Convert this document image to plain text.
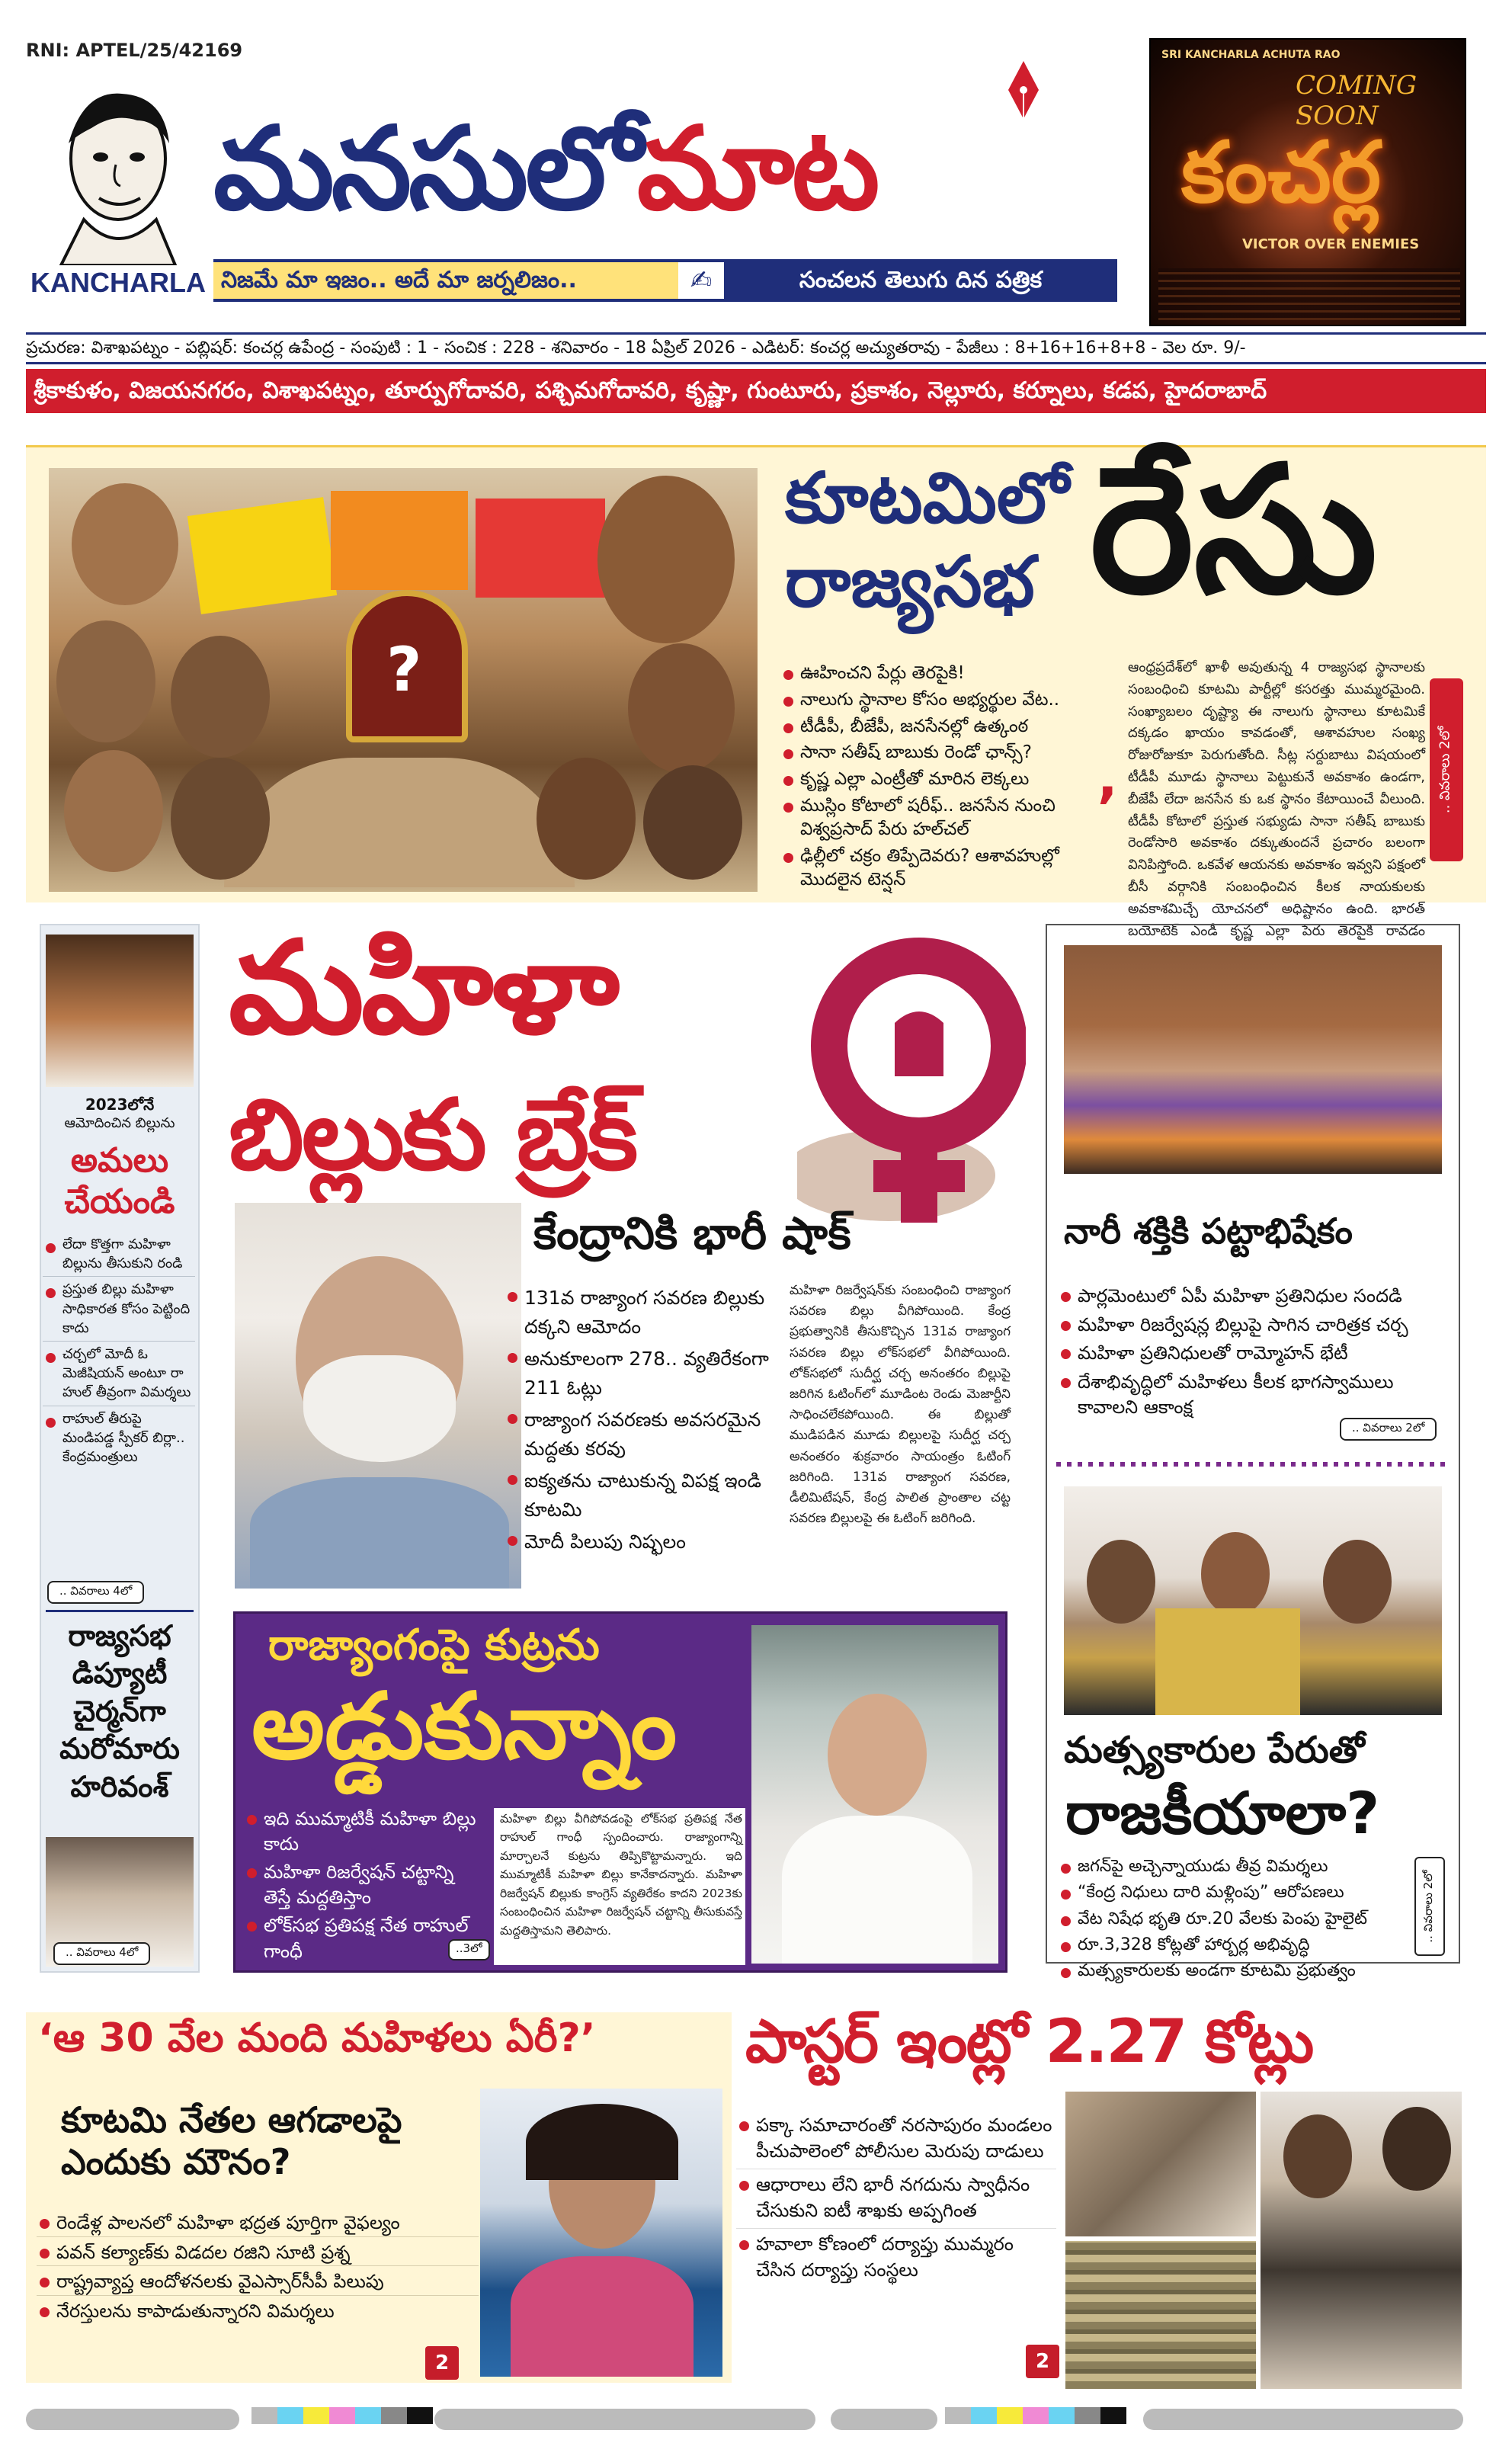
RNI: APTEL/25/42169
KANCHARLA
మనసులోమాట
నిజమే మా ఇజం.. అదే మా జర్నలిజం..	✍	సంచలన తెలుగు దిన పత్రిక
SRI KANCHARLA ACHUTA RAO
COMING SOON
కంచర్ల
VICTOR OVER ENEMIES
ప్రచురణ: విశాఖపట్నం - పబ్లిషర్: కంచర్ల ఉపేంద్ర - సంపుటి : 1 - సంచిక : 228 - శనివారం - 18 ఏప్రిల్ 2026 - ఎడిటర్: కంచర్ల అచ్యుతరావు - పేజీలు : 8+16+16+8+8 - వెల రూ. 9/-
శ్రీకాకుళం, విజయనగరం, విశాఖపట్నం, తూర్పుగోదావరి, పశ్చిమగోదావరి, కృష్ణా, గుంటూరు, ప్రకాశం, నెల్లూరు, కర్నూలు, కడప, హైదరాబాద్
?
కూటమిలో
రాజ్యసభ రేసు
ఊహించని పేర్లు తెరపైకి!
నాలుగు స్థానాల కోసం అభ్యర్థుల వేట..
టీడీపీ, బీజేపీ, జనసేనల్లో ఉత్కంఠ
సానా సతీష్ బాబుకు రెండో ఛాన్స్?
కృష్ణ ఎల్లా ఎంట్రీతో మారిన లెక్కలు
ముస్లిం కోటాలో షరీఫ్.. జనసేన నుంచి విశ్వప్రసాద్ పేరు హల్‌చల్
ఢిల్లీలో చక్రం తిప్పేదెవరు? ఆశావహుల్లో మొదలైన టెన్షన్
,
ఆంధ్రప్రదేశ్‌లో ఖాళీ అవుతున్న 4 రాజ్యసభ స్థానాలకు సంబంధించి కూటమి పార్టీల్లో కసరత్తు ముమ్మరమైంది. సంఖ్యాబలం దృష్ట్యా ఈ నాలుగు స్థానాలు కూటమికే దక్కడం ఖాయం కావడంతో, ఆశావహుల సంఖ్య రోజురోజుకూ పెరుగుతోంది. సీట్ల సర్దుబాటు విషయంలో టీడీపీ మూడు స్థానాలు పెట్టుకునే అవకాశం ఉండగా, బీజేపీ లేదా జనసేన కు ఒక స్థానం కేటాయించే వీలుంది. టీడీపీ కోటాలో ప్రస్తుత సభ్యుడు సానా సతీష్ బాబుకు రెండోసారి అవకాశం దక్కుతుందనే ప్రచారం బలంగా వినిపిస్తోంది. ఒకవేళ ఆయనకు అవకాశం ఇవ్వని పక్షంలో బీసీ వర్గానికి సంబంధించిన కీలక నాయకులకు అవకాశమిచ్చే యోచనలో అధిష్టానం ఉంది. భారత్ బయోటెక్ ఎండీ కృష్ణ ఎల్లా పేరు తెరపైకి రావడం
.. వివరాలు 2లో
2023లోనే
ఆమోదించిన బిల్లును
అమలు చేయండి
లేదా కొత్తగా మహిళా బిల్లును తీసుకుని రండి
ప్రస్తుత బిల్లు మహిళా సాధికారత కోసం పెట్టింది కాదు
చర్చలో మోదీ ఓ మెజీషియన్ అంటూ రా హుల్ తీవ్రంగా విమర్శలు
రాహుల్ తీరుపై మండిపడ్డ స్పీకర్ బిర్లా.. కేంద్రమంత్రులు
.. వివరాలు 4లో
రాజ్యసభ డిప్యూటీ చైర్మన్‌గా మరోమారు హరివంశ్
.. వివరాలు 4లో
మహిళా
బిల్లుకు బ్రేక్
కేంద్రానికి భారీ షాక్
131వ రాజ్యాంగ సవరణ బిల్లుకు దక్కని ఆమోదం
అనుకూలంగా 278.. వ్యతిరేకంగా 211 ఓట్లు
రాజ్యాంగ సవరణకు అవసరమైన మద్దతు కరవు
ఐక్యతను చాటుకున్న విపక్ష ఇండి కూటమి
మోదీ పిలుపు నిష్ఫలం
మహిళా రిజర్వేషన్‌కు సంబంధించి రాజ్యాంగ సవరణ బిల్లు వీగిపోయింది. కేంద్ర ప్రభుత్వానికి తీసుకొచ్చిన 131వ రాజ్యాంగ సవరణ బిల్లు లోక్‌సభలో వీగిపోయింది. లోక్‌సభలో సుదీర్ఘ చర్చ అనంతరం బిల్లుపై జరిగిన ఓటింగ్‌లో మూడింట రెండు మెజార్టీని సాధించలేకపోయింది. ఈ బిల్లుతో ముడిపడిన మూడు బిల్లులపై సుదీర్ఘ చర్చ అనంతరం శుక్రవారం సాయంత్రం ఓటింగ్ జరిగింది. 131వ రాజ్యాంగ సవరణ, డీలిమిటేషన్, కేంద్ర పాలిత ప్రాంతాల చట్ట సవరణ బిల్లులపై ఈ ఓటింగ్ జరిగింది.
రాజ్యాంగంపై కుట్రను
అడ్డుకున్నాం
ఇది ముమ్మాటికీ మహిళా బిల్లు కాదు
మహిళా రిజర్వేషన్ చట్టాన్ని తెస్తే మద్దతిస్తాం
లోక్‌సభ ప్రతిపక్ష నేత రాహుల్ గాంధీ
మహిళా బిల్లు వీగిపోవడంపై లోక్‌సభ ప్రతిపక్ష నేత రాహుల్ గాంధీ స్పందించారు. రాజ్యాంగాన్ని మార్చాలనే కుట్రను తిప్పికొట్టామన్నారు. ఇది ముమ్మాటికీ మహిళా బిల్లు కానేకాదన్నారు. మహిళా రిజర్వేషన్ బిల్లుకు కాంగ్రెస్ వ్యతిరేకం కాదని 2023కు సంబంధించిన మహిళా రిజర్వేషన్ చట్టాన్ని తీసుకువస్తే మద్దతిస్తామని తెలిపారు.
..3లో
నారీ శక్తికి పట్టాభిషేకం
పార్లమెంటులో ఏపీ మహిళా ప్రతినిధుల సందడి
మహిళా రిజర్వేషన్ల బిల్లుపై సాగిన చారిత్రక చర్చ
మహిళా ప్రతినిధులతో రామ్మోహన్ భేటీ
దేశాభివృద్ధిలో మహిళలు కీలక భాగస్వాములు కావాలని ఆకాంక్ష
.. వివరాలు 2లో
మత్స్యకారుల పేరుతో
రాజకీయాలా?
జగన్‌పై అచ్చెన్నాయుడు తీవ్ర విమర్శలు
“కేంద్ర నిధులు దారి మళ్లింపు” ఆరోపణలు
వేట నిషేధ భృతి రూ.20 వేలకు పెంపు హైలైట్
రూ.3,328 కోట్లతో హార్బర్ల అభివృద్ధి
మత్స్యకారులకు అండగా కూటమి ప్రభుత్వం
.. వివరాలు 2లో
‘ఆ 30 వేల మంది మహిళలు ఏరీ?’
కూటమి నేతల ఆగడాలపై ఎందుకు మౌనం?
రెండేళ్ల పాలనలో మహిళా భద్రత పూర్తిగా వైఫల్యం
పవన్ కల్యాణ్‌కు విడదల రజిని సూటి ప్రశ్న
రాష్ట్రవ్యాప్త ఆందోళనలకు వైఎస్సార్‌సీపీ పిలుపు
నేరస్తులను కాపాడుతున్నారని విమర్శలు
2
పాస్టర్ ఇంట్లో 2.27 కోట్లు
పక్కా సమాచారంతో నరసాపురం మండలం పీచుపాలెంలో పోలీసుల మెరుపు దాడులు
ఆధారాలు లేని భారీ నగదును స్వాధీనం చేసుకుని ఐటీ శాఖకు అప్పగింత
హవాలా కోణంలో దర్యాప్తు ముమ్మరం చేసిన దర్యాప్తు సంస్థలు
2
